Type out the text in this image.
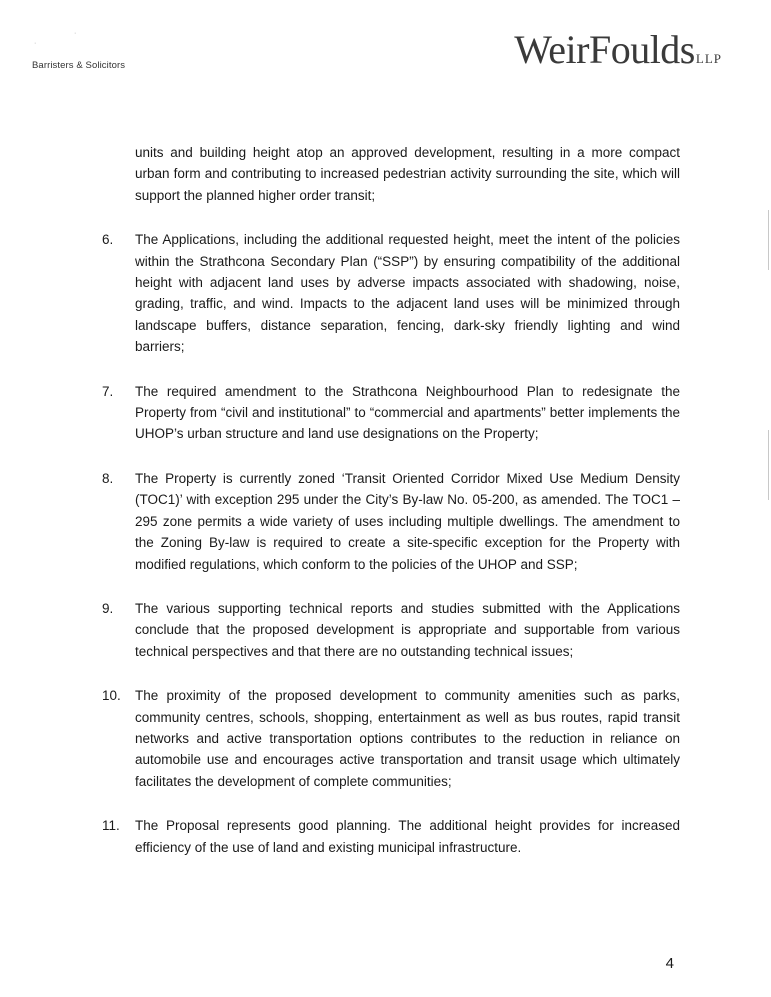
·
·
Barristers & Solicitors	WeirFouldsLLP

units and building height atop an approved development, resulting in a more compact urban form and contributing to increased pedestrian activity surrounding the site, which will support the planned higher order transit;

6.	The Applications, including the additional requested height, meet the intent of the policies within the Strathcona Secondary Plan (“SSP”) by ensuring compatibility of the additional height with adjacent land uses by adverse impacts associated with shadowing, noise, grading, traffic, and wind. Impacts to the adjacent land uses will be minimized through landscape buffers, distance separation, fencing, dark-sky friendly lighting and wind barriers;
7.	The required amendment to the Strathcona Neighbourhood Plan to redesignate the Property from “civil and institutional” to “commercial and apartments” better implements the UHOP’s urban structure and land use designations on the Property;
8.	The Property is currently zoned ‘Transit Oriented Corridor Mixed Use Medium Density (TOC1)’ with exception 295 under the City’s By-law No. 05-200, as amended. The TOC1 – 295 zone permits a wide variety of uses including multiple dwellings. The amendment to the Zoning By-law is required to create a site-specific exception for the Property with modified regulations, which conform to the policies of the UHOP and SSP;
9.	The various supporting technical reports and studies submitted with the Applications conclude that the proposed development is appropriate and supportable from various technical perspectives and that there are no outstanding technical issues;
10.	The proximity of the proposed development to community amenities such as parks, community centres, schools, shopping, entertainment as well as bus routes, rapid transit networks and active transportation options contributes to the reduction in reliance on automobile use and encourages active transportation and transit usage which ultimately facilitates the development of complete communities;
11.	The Proposal represents good planning. The additional height provides for increased efficiency of the use of land and existing municipal infrastructure.
4
